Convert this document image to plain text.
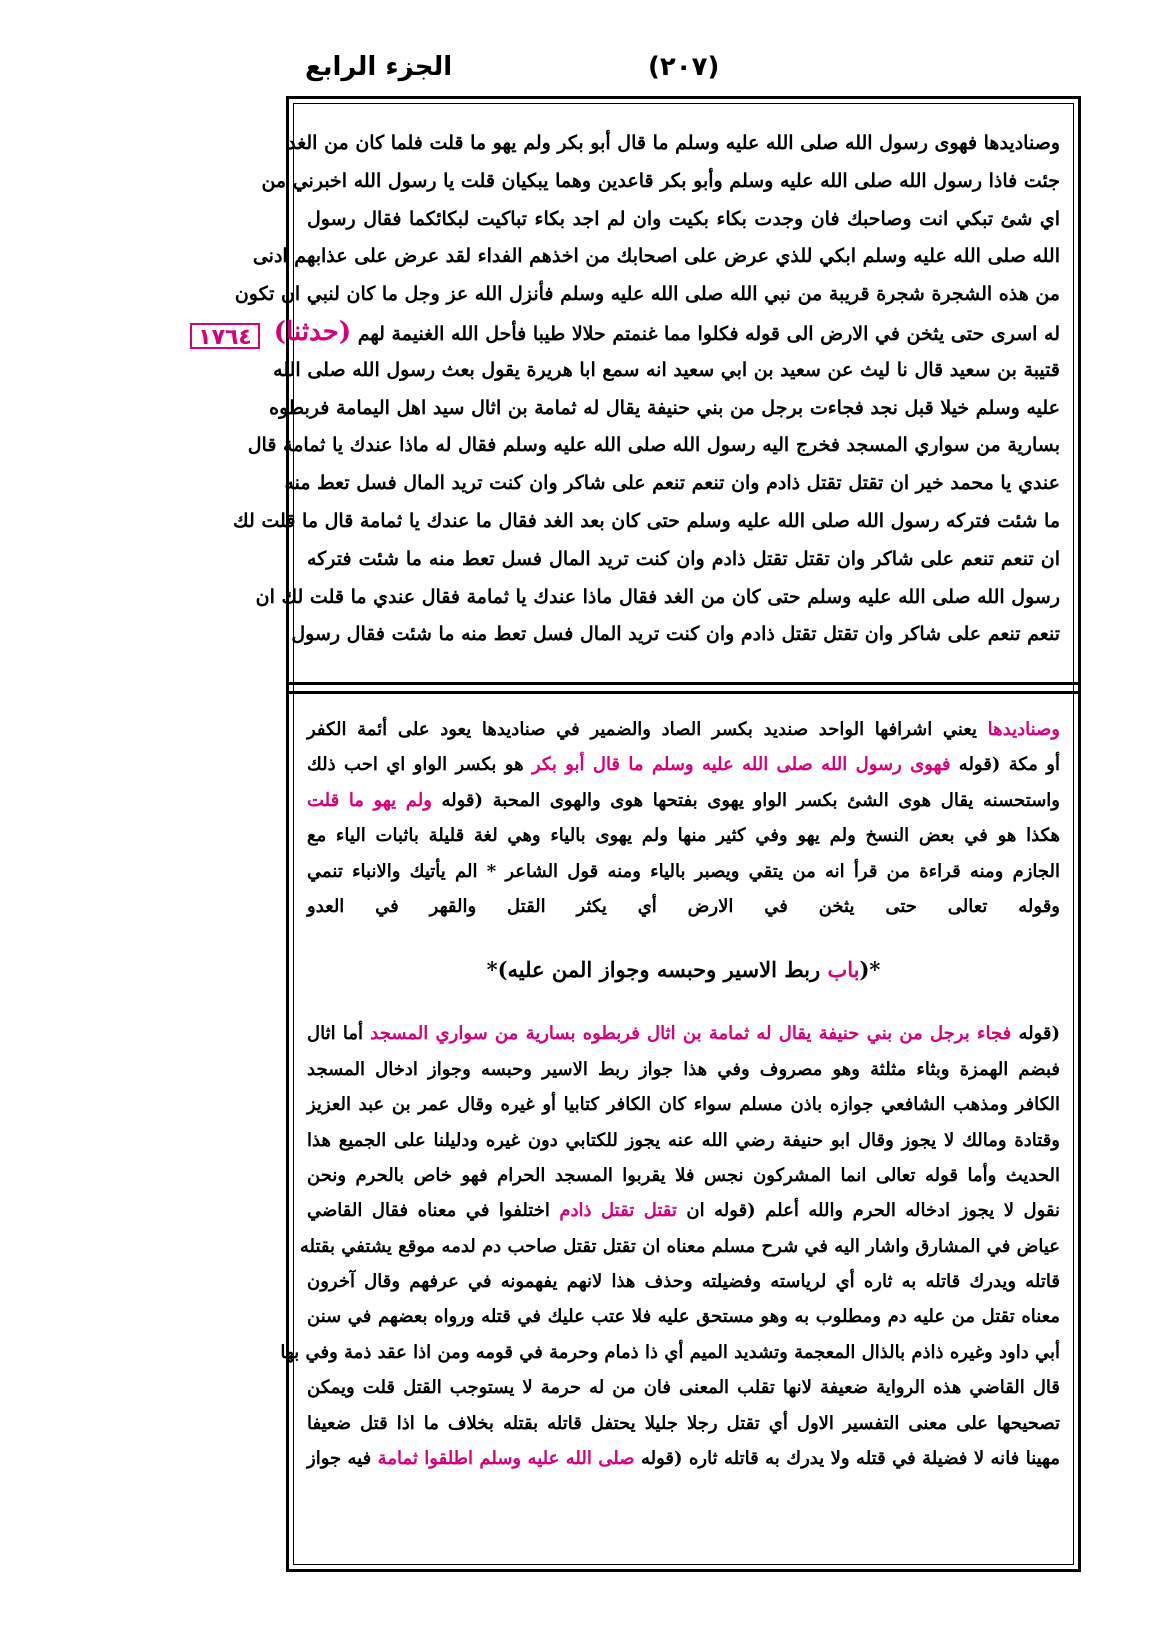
الجزء الرابع	(٢٠٧)
١٧٦٤
وصناديدها فهوى رسول الله صلى الله عليه وسلم ما قال أبو بكر ولم يهو ما قلت فلما كان من الغد
جئت فاذا رسول الله صلى الله عليه وسلم وأبو بكر قاعدين وهما يبكيان قلت يا رسول الله اخبرني من
اي شئ تبكي انت وصاحبك فان وجدت بكاء بكيت وان لم اجد بكاء تباكيت لبكائكما فقال رسول
الله صلى الله عليه وسلم ابكي للذي عرض على اصحابك من اخذهم الفداء لقد عرض على عذابهم ادنى
من هذه الشجرة شجرة قريبة من نبي الله صلى الله عليه وسلم فأنزل الله عز وجل ما كان لنبي ان تكون
له اسرى حتى يثخن في الارض الى قوله فكلوا مما غنمتم حلالا طيبا فأحل الله الغنيمة لهم (حدثنا)
قتيبة بن سعيد قال نا ليث عن سعيد بن ابي سعيد انه سمع ابا هريرة يقول بعث رسول الله صلى الله
عليه وسلم خيلا قبل نجد فجاءت برجل من بني حنيفة يقال له ثمامة بن اثال سيد اهل اليمامة فربطوه
بسارية من سواري المسجد فخرج اليه رسول الله صلى الله عليه وسلم فقال له ماذا عندك يا ثمامة قال
عندي يا محمد خير ان تقتل تقتل ذادم وان تنعم تنعم على شاكر وان كنت تريد المال فسل تعط منه
ما شئت فتركه رسول الله صلى الله عليه وسلم حتى كان بعد الغد فقال ما عندك يا ثمامة قال ما قلت لك
ان تنعم تنعم على شاكر وان تقتل تقتل ذادم وان كنت تريد المال فسل تعط منه ما شئت فتركه
رسول الله صلى الله عليه وسلم حتى كان من الغد فقال ماذا عندك يا ثمامة فقال عندي ما قلت لك ان
تنعم تنعم على شاكر وان تقتل تقتل ذادم وان كنت تريد المال فسل تعط منه ما شئت فقال رسول
وصناديدها يعني اشرافها الواحد صنديد بكسر الصاد والضمير في صناديدها يعود على أئمة الكفر
أو مكة (قوله فهوى رسول الله صلى الله عليه وسلم ما قال أبو بكر هو بكسر الواو اي احب ذلك
واستحسنه يقال هوى الشئ بكسر الواو يهوى بفتحها هوى والهوى المحبة (قوله ولم يهو ما قلت
هكذا هو في بعض النسخ ولم يهو وفي كثير منها ولم يهوى بالياء وهي لغة قليلة باثبات الياء مع
الجازم ومنه قراءة من قرأ انه من يتقي ويصبر بالياء ومنه قول الشاعر * الم يأتيك والانباء تنمي
وقوله تعالى حتى يثخن في الارض أي يكثر القتل والقهر في العدو
*(باب ربط الاسير وحبسه وجواز المن عليه)*
(قوله فجاء برجل من بني حنيفة يقال له ثمامة بن اثال فربطوه بسارية من سواري المسجد أما اثال
فبضم الهمزة وبثاء مثلثة وهو مصروف وفي هذا جواز ربط الاسير وحبسه وجواز ادخال المسجد
الكافر ومذهب الشافعي جوازه باذن مسلم سواء كان الكافر كتابيا أو غيره وقال عمر بن عبد العزيز
وقتادة ومالك لا يجوز وقال ابو حنيفة رضي الله عنه يجوز للكتابي دون غيره ودليلنا على الجميع هذا
الحديث وأما قوله تعالى انما المشركون نجس فلا يقربوا المسجد الحرام فهو خاص بالحرم ونحن
نقول لا يجوز ادخاله الحرم والله أعلم (قوله ان تقتل تقتل ذادم اختلفوا في معناه فقال القاضي
عياض في المشارق واشار اليه في شرح مسلم معناه ان تقتل تقتل صاحب دم لدمه موقع يشتفي بقتله
قاتله ويدرك قاتله به ثاره أي لرياسته وفضيلته وحذف هذا لانهم يفهمونه في عرفهم وقال آخرون
معناه تقتل من عليه دم ومطلوب به وهو مستحق عليه فلا عتب عليك في قتله ورواه بعضهم في سنن
أبي داود وغيره ذاذم بالذال المعجمة وتشديد الميم أي ذا ذمام وحرمة في قومه ومن اذا عقد ذمة وفي بها
قال القاضي هذه الرواية ضعيفة لانها تقلب المعنى فان من له حرمة لا يستوجب القتل قلت ويمكن
تصحيحها على معنى التفسير الاول أي تقتل رجلا جليلا يحتفل قاتله بقتله بخلاف ما اذا قتل ضعيفا
مهينا فانه لا فضيلة في قتله ولا يدرك به قاتله ثاره (قوله صلى الله عليه وسلم اطلقوا ثمامة فيه جواز
